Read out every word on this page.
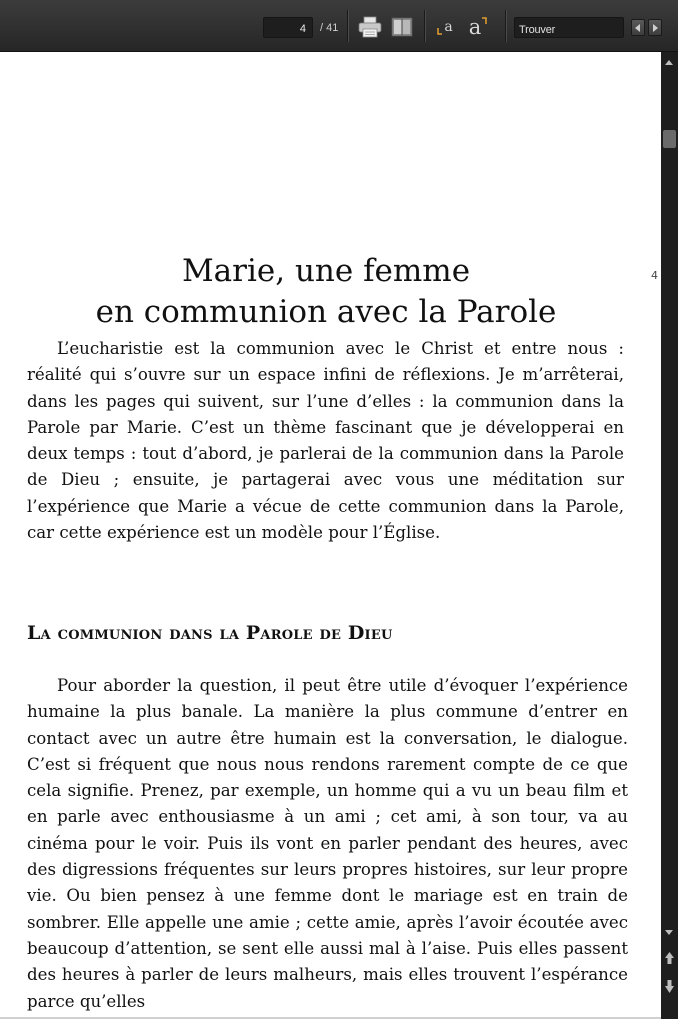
4
/ 41	a a
Trouver
4
Marie, une femme
en communion avec la Parole

L’eucharistie est la communion avec le Christ et entre nous : réalité qui s’ouvre sur un espace infini de réflexions. Je m’arrêterai, dans les pages qui suivent, sur l’une d’elles : la communion dans la Parole par Marie. C’est un thème fascinant que je développerai en deux temps : tout d’abord, je parlerai de la communion dans la Parole de Dieu ; ensuite, je partagerai avec vous une méditation sur l’expérience que Marie a vécue de cette communion dans la Parole, car cette expérience est un modèle pour l’Église.

La communion dans la Parole de Dieu

Pour aborder la question, il peut être utile d’évoquer l’expérience humaine la plus banale. La manière la plus commune d’entrer en contact avec un autre être humain est la conversation, le dialogue. C’est si fréquent que nous nous rendons rarement compte de ce que cela signifie. Prenez, par exemple, un homme qui a vu un beau film et en parle avec enthousiasme à un ami ; cet ami, à son tour, va au cinéma pour le voir. Puis ils vont en parler pendant des heures, avec des digressions fréquentes sur leurs propres histoires, sur leur propre vie. Ou bien pensez à une femme dont le mariage est en train de sombrer. Elle appelle une amie ; cette amie, après l’avoir écoutée avec beaucoup d’attention, se sent elle aussi mal à l’aise. Puis elles passent des heures à parler de leurs malheurs, mais elles trouvent l’espérance parce qu’elles
